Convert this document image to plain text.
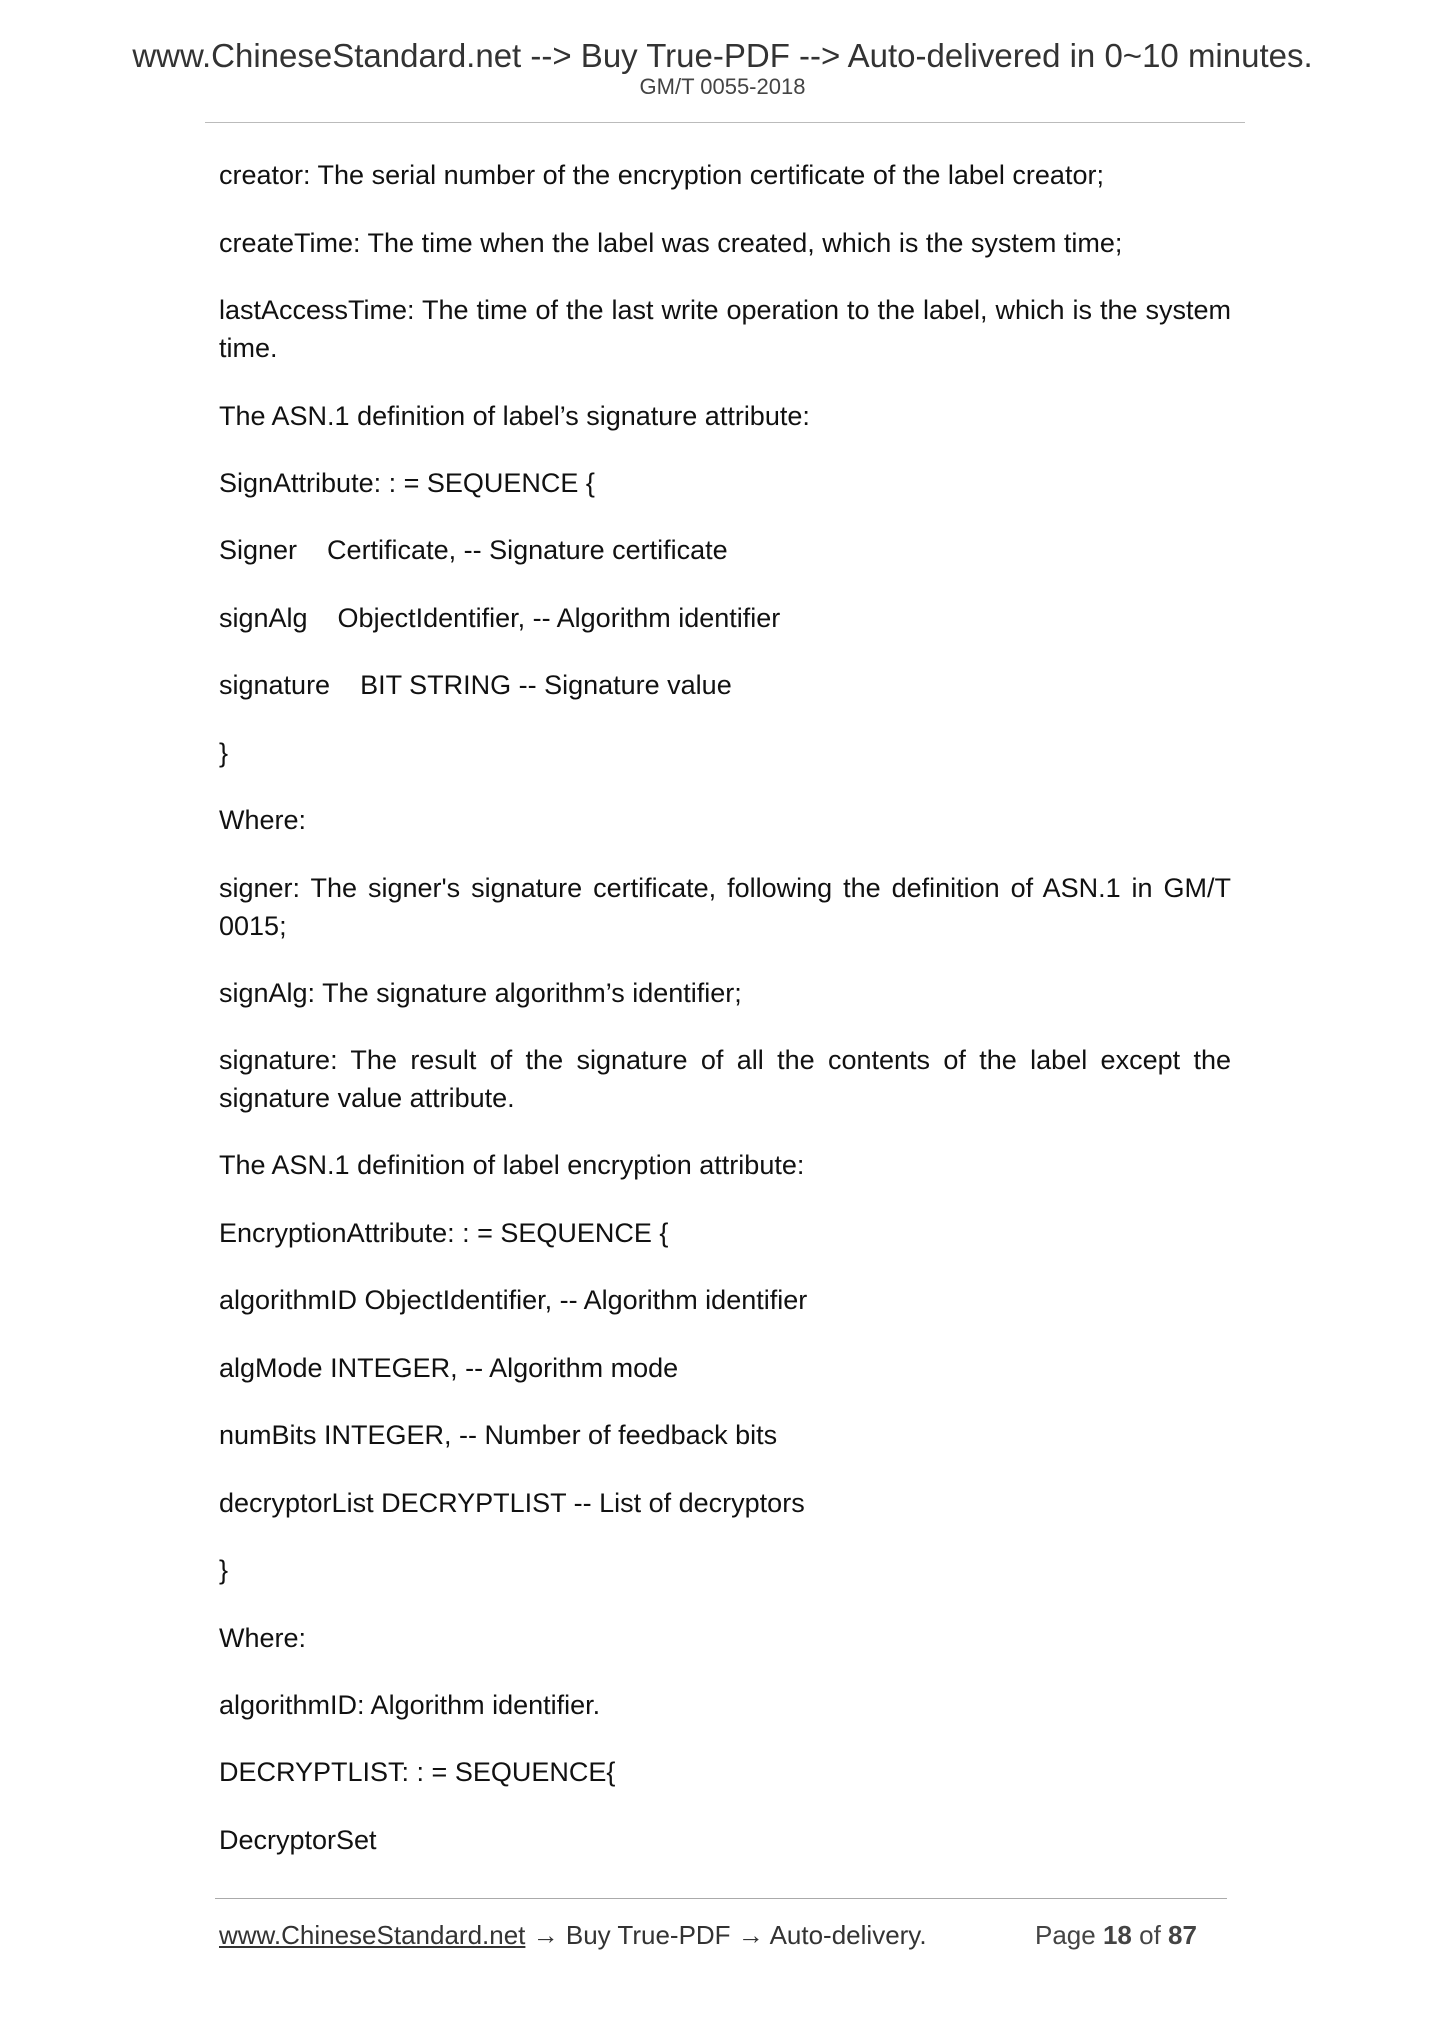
www.ChineseStandard.net --> Buy True-PDF --> Auto-delivered in 0~10 minutes.
GM/T 0055-2018
creator: The serial number of the encryption certificate of the label creator;
createTime: The time when the label was created, which is the system time;
lastAccessTime: The time of the last write operation to the label, which is the system time.
The ASN.1 definition of label’s signature attribute:
SignAttribute: : = SEQUENCE {
Signer    Certificate, -- Signature certificate
signAlg    ObjectIdentifier, -- Algorithm identifier
signature    BIT STRING -- Signature value
}
Where:
signer: The signer's signature certificate, following the definition of ASN.1 in GM/T 0015;
signAlg: The signature algorithm’s identifier;
signature: The result of the signature of all the contents of the label except the signature value attribute.
The ASN.1 definition of label encryption attribute:
EncryptionAttribute: : = SEQUENCE {
algorithmID ObjectIdentifier, -- Algorithm identifier
algMode INTEGER, -- Algorithm mode
numBits INTEGER, -- Number of feedback bits
decryptorList DECRYPTLIST -- List of decryptors
}
Where:
algorithmID: Algorithm identifier.
DECRYPTLIST: : = SEQUENCE{
DecryptorSet
www.ChineseStandard.net → Buy True-PDF → Auto-delivery.	Page 18 of 87
